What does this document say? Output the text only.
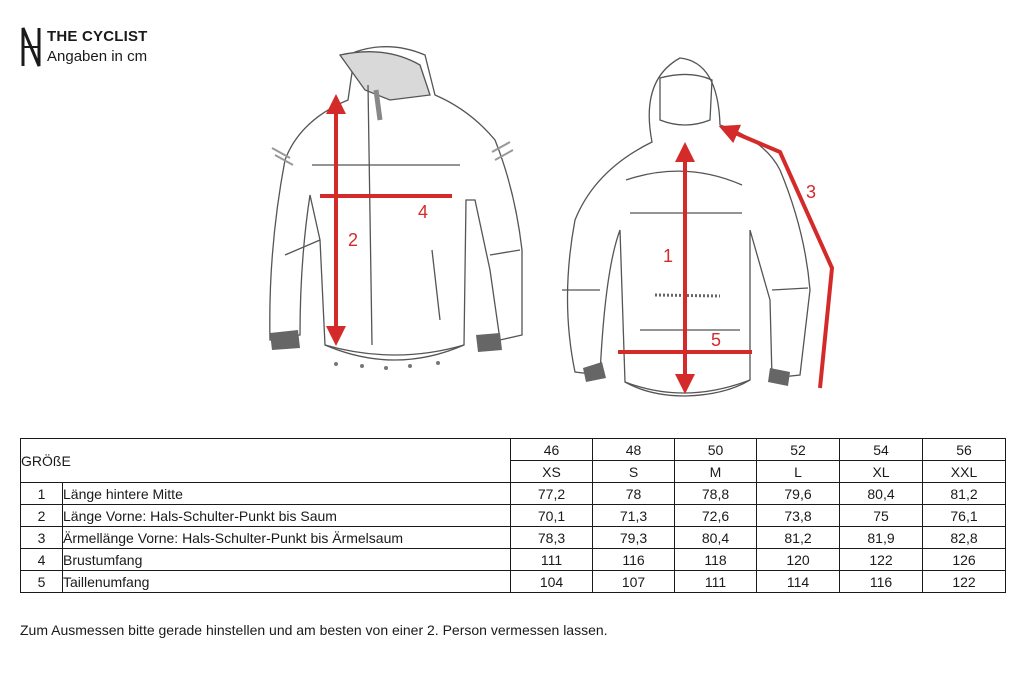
THE CYCLIST
Angaben in cm
2
4
1
3
5
GRÖßE		46	48	50	52	54	56
		XS	S	M	L	XL	XXL
1	Länge hintere Mitte	77,2	78	78,8	79,6	80,4	81,2
2	Länge Vorne: Hals-Schulter-Punkt bis Saum	70,1	71,3	72,6	73,8	75	76,1
3	Ärmellänge Vorne: Hals-Schulter-Punkt bis Ärmelsaum	78,3	79,3	80,4	81,2	81,9	82,8
4	Brustumfang	111	116	118	120	122	126
5	Taillenumfang	104	107	111	114	116	122
Zum Ausmessen bitte gerade hinstellen und am besten von einer 2. Person vermessen lassen.
